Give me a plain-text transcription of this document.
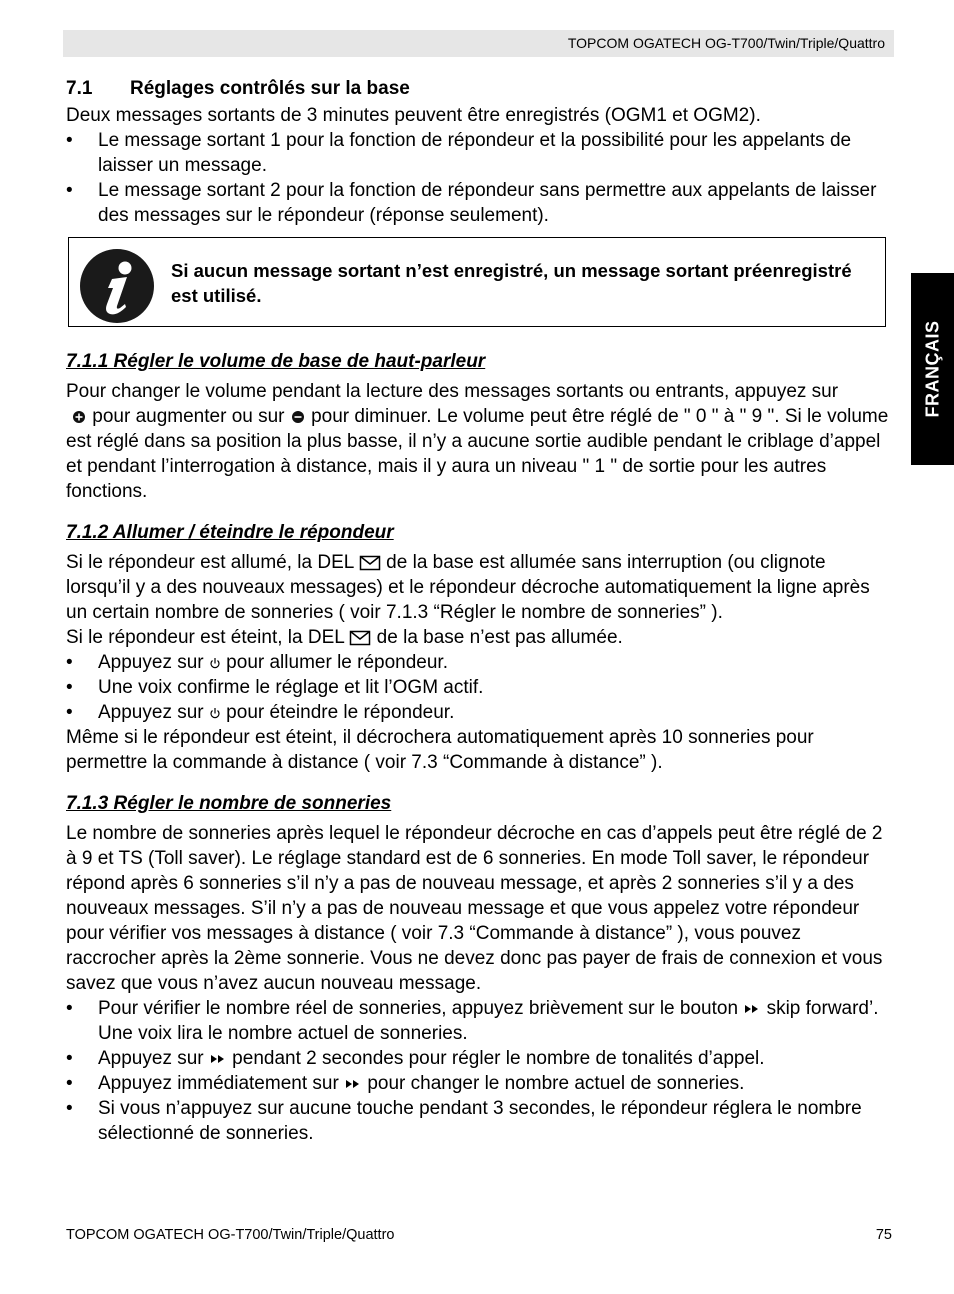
TOPCOM OGATECH OG-T700/Twin/Triple/Quattro
FRANÇAIS
7.1 Réglages contrôlés sur la base

Deux messages sortants de 3 minutes peuvent être enregistrés (OGM1 et OGM2).

• Le message sortant 1 pour la fonction de répondeur et la possibilité pour les appelants de laisser un message.
• Le message sortant 2 pour la fonction de répondeur sans permettre aux appelants de laisser des messages sur le répondeur (réponse seulement).
Si aucun message sortant n’est enregistré, un message sortant préenregistré est utilisé.
7.1.1 Régler le volume de base de haut-parleur

Pour changer le volume pendant la lecture des messages sortants ou entrants, appuyez sur
pour augmenter ou sur  pour diminuer. Le volume peut être réglé de " 0 " à " 9 ". Si le volume est réglé dans sa position la plus basse, il n’y a aucune sortie audible pendant le criblage d’appel et pendant l’interrogation à distance, mais il y aura un niveau " 1 " de sortie pour les autres fonctions.

7.1.2 Allumer / éteindre le répondeur

Si le répondeur est allumé, la DEL  de la base est allumée sans interruption (ou clignote lorsqu’il y a des nouveaux messages) et le répondeur décroche automatiquement la ligne après un certain nombre de sonneries ( voir 7.1.3 “Régler le nombre de sonneries” ).

Si le répondeur est éteint, la DEL  de la base n’est pas allumée.

• Appuyez sur  pour allumer le répondeur.
• Une voix confirme le réglage et lit l’OGM actif.
• Appuyez sur  pour éteindre le répondeur.

Même si le répondeur est éteint, il décrochera automatiquement après 10 sonneries pour permettre la commande à distance ( voir 7.3 “Commande à distance” ).

7.1.3 Régler le nombre de sonneries

Le nombre de sonneries après lequel le répondeur décroche en cas d’appels peut être réglé de 2 à 9 et TS (Toll saver). Le réglage standard est de 6 sonneries. En mode Toll saver, le répondeur répond après 6 sonneries s’il n’y a pas de nouveau message, et après 2 sonneries s’il y a des nouveaux messages. S’il n’y a pas de nouveau message et que vous appelez votre répondeur pour vérifier vos messages à distance ( voir 7.3 “Commande à distance” ), vous pouvez raccrocher après la 2ème sonnerie. Vous ne devez donc pas payer de frais de connexion et vous savez que vous n’avez aucun nouveau message.

• Pour vérifier le nombre réel de sonneries, appuyez brièvement sur le bouton  skip forward’. Une voix lira le nombre actuel de sonneries.
• Appuyez sur  pendant 2 secondes pour régler le nombre de tonalités d’appel.
• Appuyez immédiatement sur  pour changer le nombre actuel de sonneries.
• Si vous n’appuyez sur aucune touche pendant 3 secondes, le répondeur réglera le nombre sélectionné de sonneries.
TOPCOM OGATECH OG-T700/Twin/Triple/Quattro	75
